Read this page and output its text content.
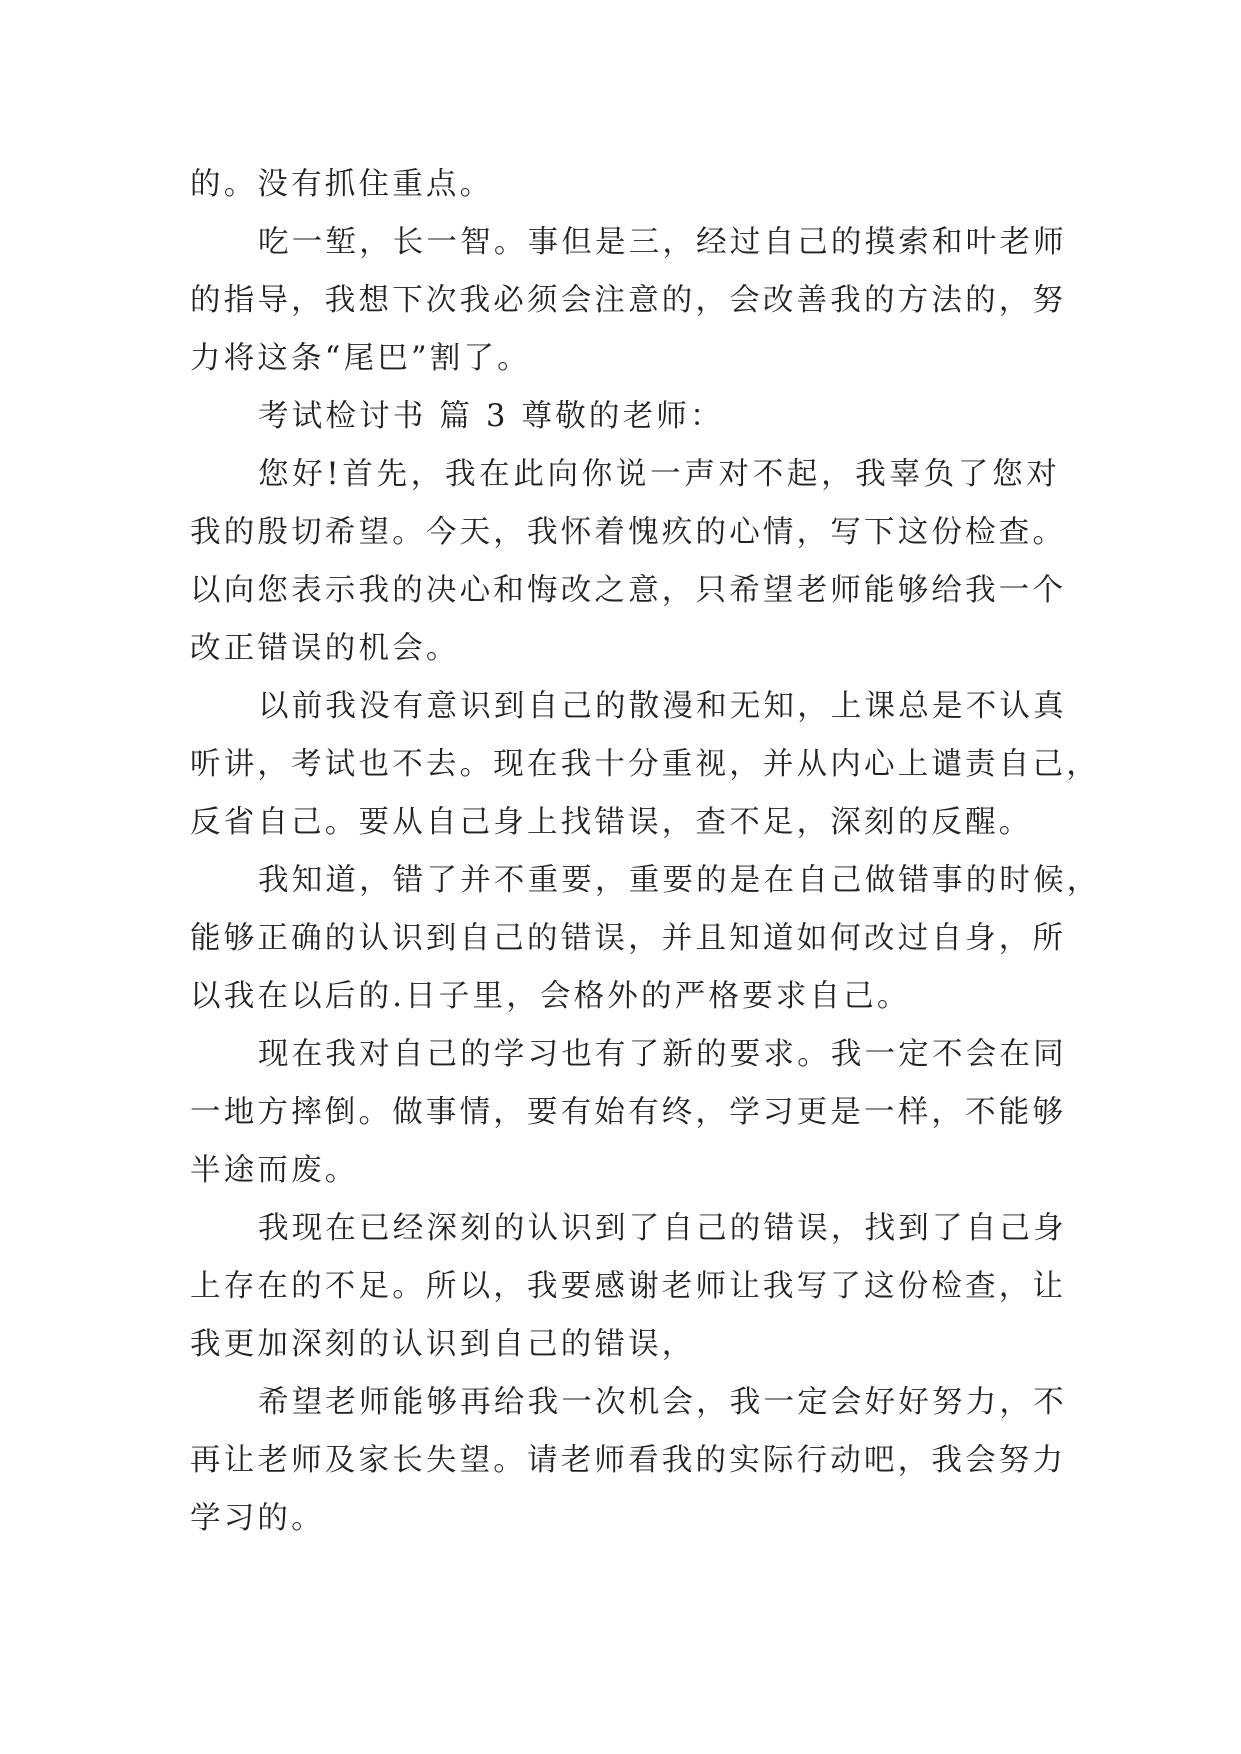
的。没有抓住重点。
吃一堑，长一智。事但是三，经过自己的摸索和叶老师
的指导，我想下次我必须会注意的，会改善我的方法的，努
力将这条“尾巴”割了。
考试检讨书 篇 3 尊敬的老师：
您好!首先，我在此向你说一声对不起，我辜负了您对
我的殷切希望。今天，我怀着愧疚的心情，写下这份检查。
以向您表示我的决心和悔改之意，只希望老师能够给我一个
改正错误的机会。
以前我没有意识到自己的散漫和无知，上课总是不认真
听讲，考试也不去。现在我十分重视，并从内心上谴责自己，
反省自己。要从自己身上找错误，查不足，深刻的反醒。
我知道，错了并不重要，重要的是在自己做错事的时候，
能够正确的认识到自己的错误，并且知道如何改过自身，所
以我在以后的.日子里，会格外的严格要求自己。
现在我对自己的学习也有了新的要求。我一定不会在同
一地方摔倒。做事情，要有始有终，学习更是一样，不能够
半途而废。
我现在已经深刻的认识到了自己的错误，找到了自己身
上存在的不足。所以，我要感谢老师让我写了这份检查，让
我更加深刻的认识到自己的错误，
希望老师能够再给我一次机会，我一定会好好努力，不
再让老师及家长失望。请老师看我的实际行动吧，我会努力
学习的。
